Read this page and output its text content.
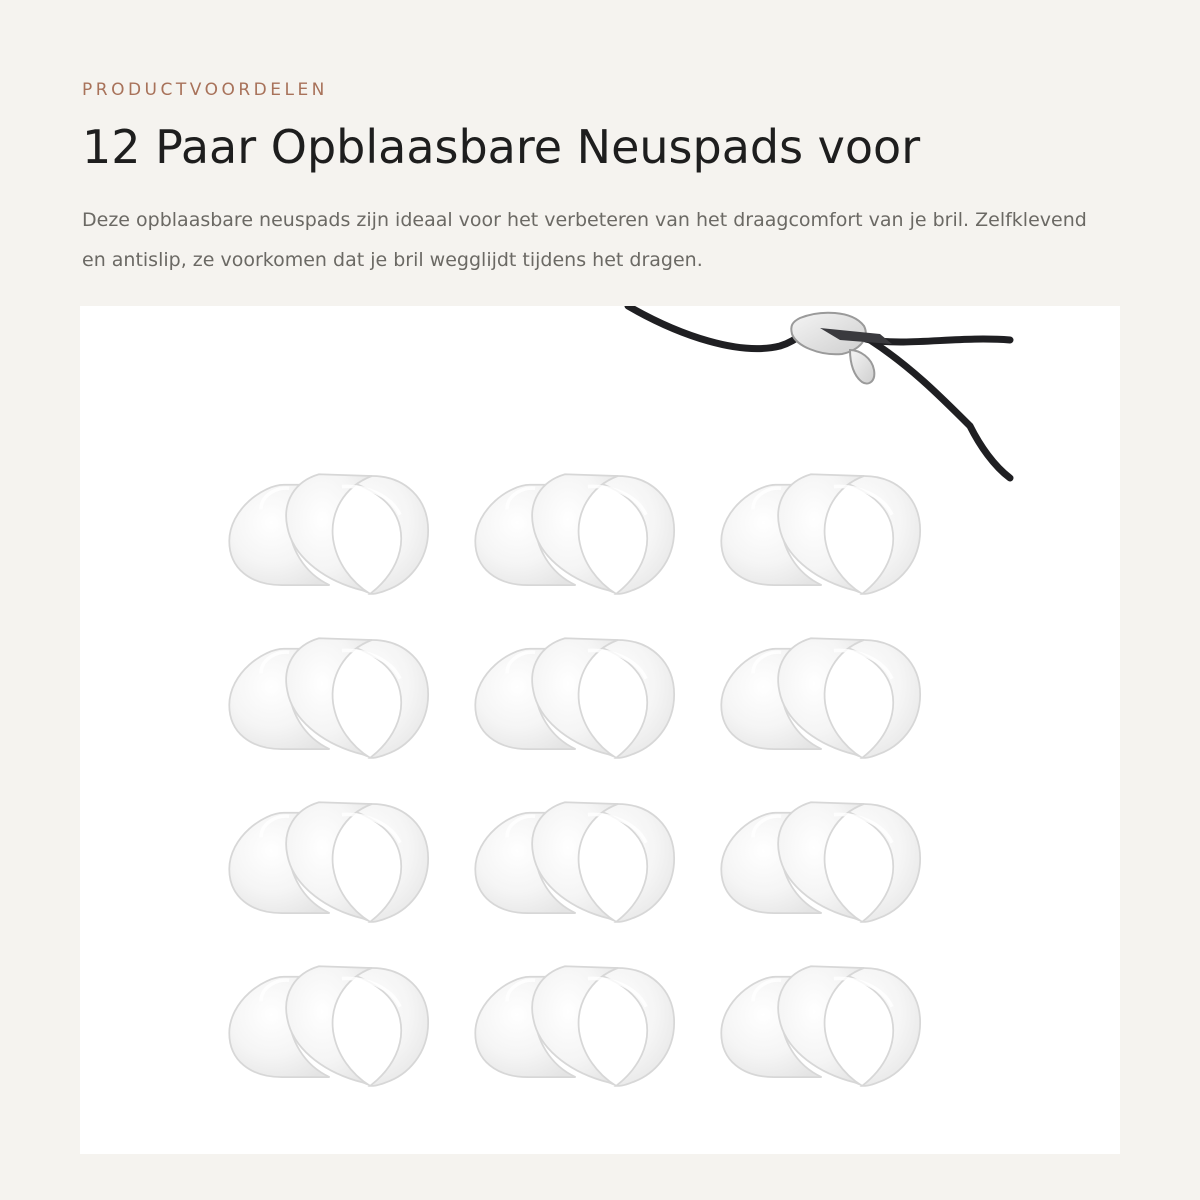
PRODUCTVOORDELEN
12 Paar Opblaasbare Neuspads voor

Deze opblaasbare neuspads zijn ideaal voor het verbeteren van het draagcomfort van je bril. Zelfklevend en antislip, ze voorkomen dat je bril wegglijdt tijdens het dragen.
